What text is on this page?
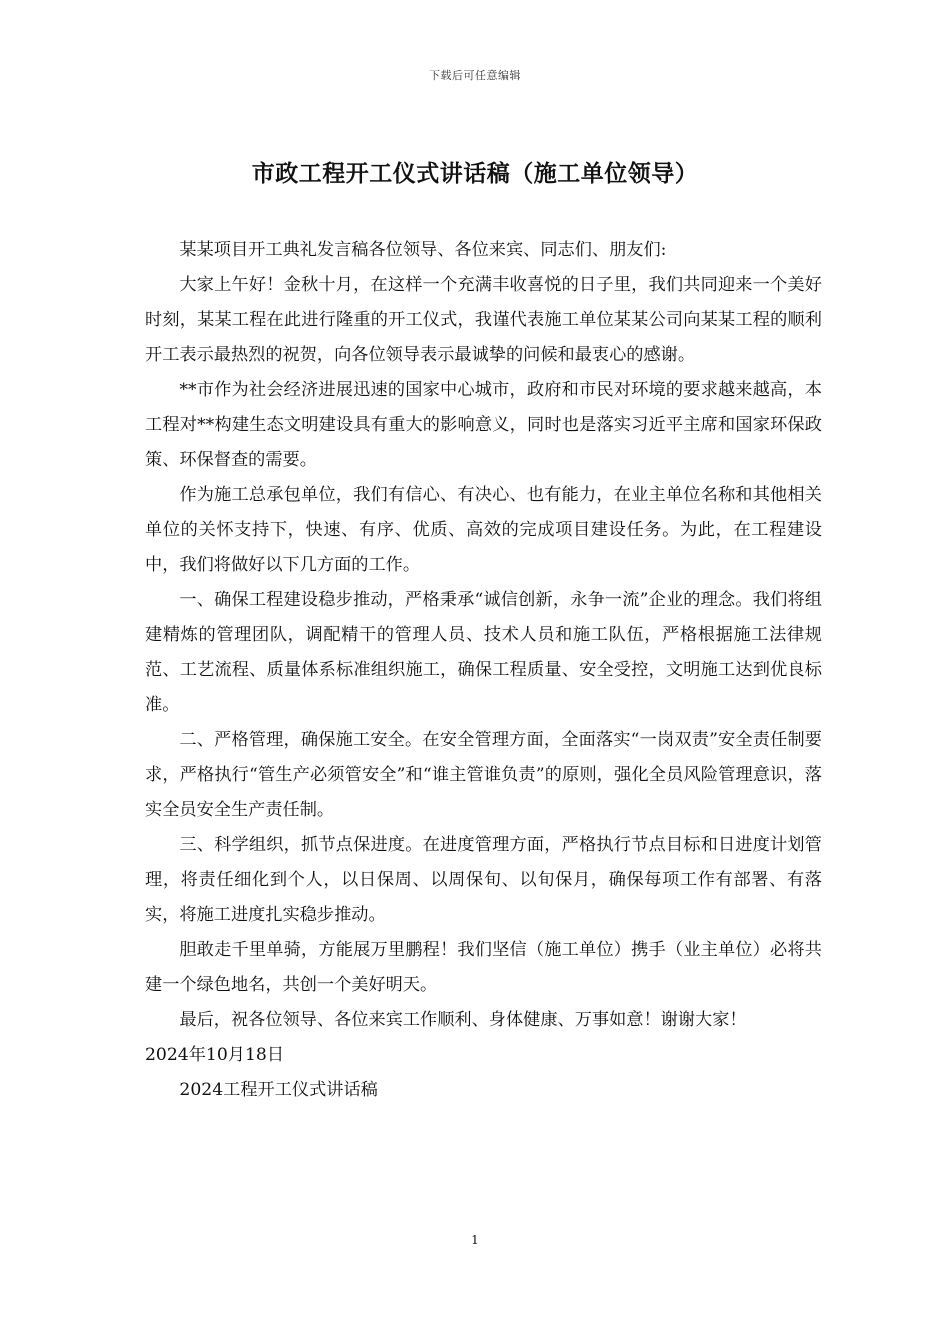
下载后可任意编辑
市政工程开工仪式讲话稿（施工单位领导）

某某项目开工典礼发言稿各位领导、各位来宾、同志们、朋友们:

大家上午好！金秋十月，在这样一个充满丰收喜悦的日子里，我们共同迎来一个美好时刻，某某工程在此进行隆重的开工仪式，我谨代表施工单位某某公司向某某工程的顺利开工表示最热烈的祝贺，向各位领导表示最诚挚的问候和最衷心的感谢。

**市作为社会经济进展迅速的国家中心城市，政府和市民对环境的要求越来越高，本工程对**构建生态文明建设具有重大的影响意义，同时也是落实习近平主席和国家环保政策、环保督查的需要。

作为施工总承包单位，我们有信心、有决心、也有能力，在业主单位名称和其他相关单位的关怀支持下，快速、有序、优质、高效的完成项目建设任务。为此，在工程建设中，我们将做好以下几方面的工作。

一、确保工程建设稳步推动，严格秉承“诚信创新，永争一流”企业的理念。我们将组建精炼的管理团队，调配精干的管理人员、技术人员和施工队伍，严格根据施工法律规范、工艺流程、质量体系标准组织施工，确保工程质量、安全受控，文明施工达到优良标准。

二、严格管理，确保施工安全。在安全管理方面，全面落实“一岗双责”安全责任制要求，严格执行“管生产必须管安全”和“谁主管谁负责”的原则，强化全员风险管理意识，落实全员安全生产责任制。

三、科学组织，抓节点保进度。在进度管理方面，严格执行节点目标和日进度计划管理，将责任细化到个人，以日保周、以周保旬、以旬保月，确保每项工作有部署、有落实，将施工进度扎实稳步推动。

胆敢走千里单骑，方能展万里鹏程！我们坚信（施工单位）携手（业主单位）必将共建一个绿色地名，共创一个美好明天。

最后，祝各位领导、各位来宾工作顺利、身体健康、万事如意！谢谢大家！

2024年10月18日

2024工程开工仪式讲话稿

1
